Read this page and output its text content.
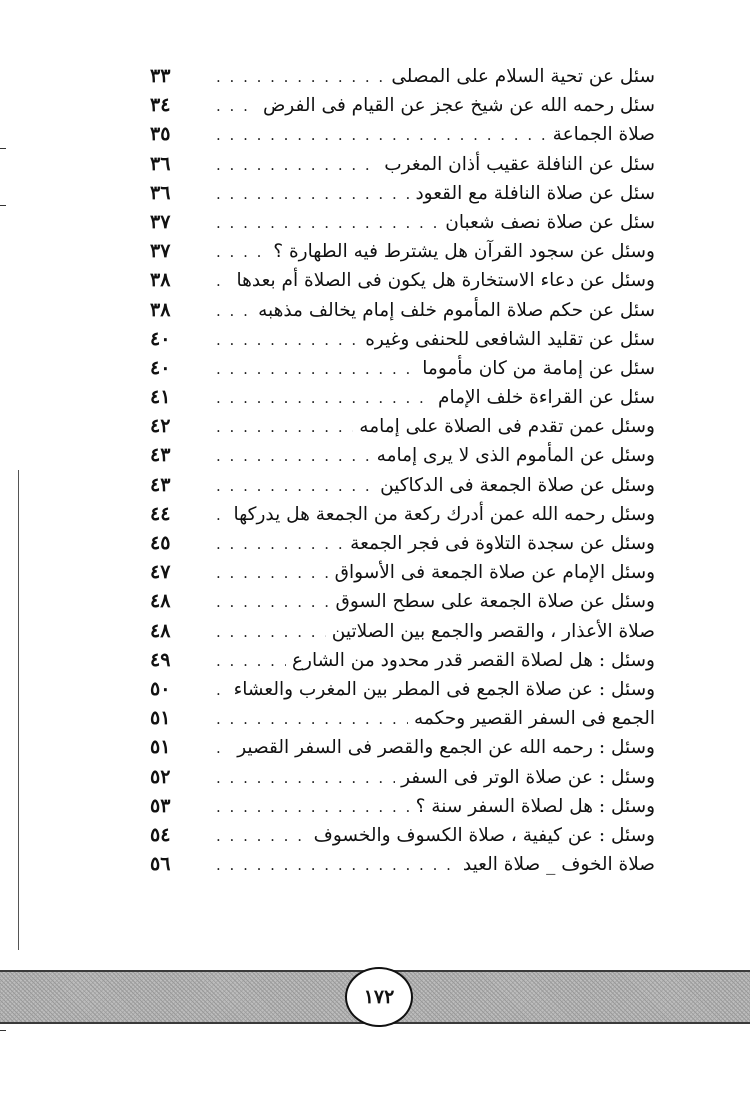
سئل عن تحية السلام على المصلى
. . .
٣٣
سئل رحمه الله عن شيخ عجز عن القيام فى الفرض
. . .
٣٤
صلاة الجماعة
. . .
٣٥
سئل عن النافلة عقيب أذان المغرب
. . .
٣٦
سئل عن صلاة النافلة مع القعود
. . .
٣٦
سئل عن صلاة نصف شعبان
. . .
٣٧
وسئل عن سجود القرآن هل يشترط فيه الطهارة ؟
. . .
٣٧
وسئل عن دعاء الاستخارة هل يكون فى الصلاة أم بعدها
. . .
٣٨
سئل عن حكم صلاة المأموم خلف إمام يخالف مذهبه
. . .
٣٨
سئل عن تقليد الشافعى للحنفى وغيره
. . .
٤٠
سئل عن إمامة من كان مأموما
. . .
٤٠
سئل عن القراءة خلف الإمام
. . .
٤١
وسئل عمن تقدم فى الصلاة على إمامه
. . .
٤٢
وسئل عن المأموم الذى لا يرى إمامه
. . .
٤٣
وسئل عن صلاة الجمعة فى الدكاكين
. . .
٤٣
وسئل رحمه الله عمن أدرك ركعة من الجمعة هل يدركها
. . .
٤٤
وسئل عن سجدة التلاوة فى فجر الجمعة
. . .
٤٥
وسئل الإمام عن صلاة الجمعة فى الأسواق
. . .
٤٧
وسئل عن صلاة الجمعة على سطح السوق
. . .
٤٨
صلاة الأعذار ، والقصر والجمع بين الصلاتين
. . .
٤٨
وسئل : هل لصلاة القصر قدر محدود من الشارع
. . .
٤٩
وسئل : عن صلاة الجمع فى المطر بين المغرب والعشاء
. . .
٥٠
الجمع فى السفر القصير وحكمه
. . .
٥١
وسئل : رحمه الله عن الجمع والقصر فى السفر القصير
. . .
٥١
وسئل : عن صلاة الوتر فى السفر
. . .
٥٢
وسئل : هل لصلاة السفر سنة ؟
. . .
٥٣
وسئل : عن كيفية ، صلاة الكسوف والخسوف
. . .
٥٤
صلاة الخوف _ صلاة العيد
. . .
٥٦
١٧٢
